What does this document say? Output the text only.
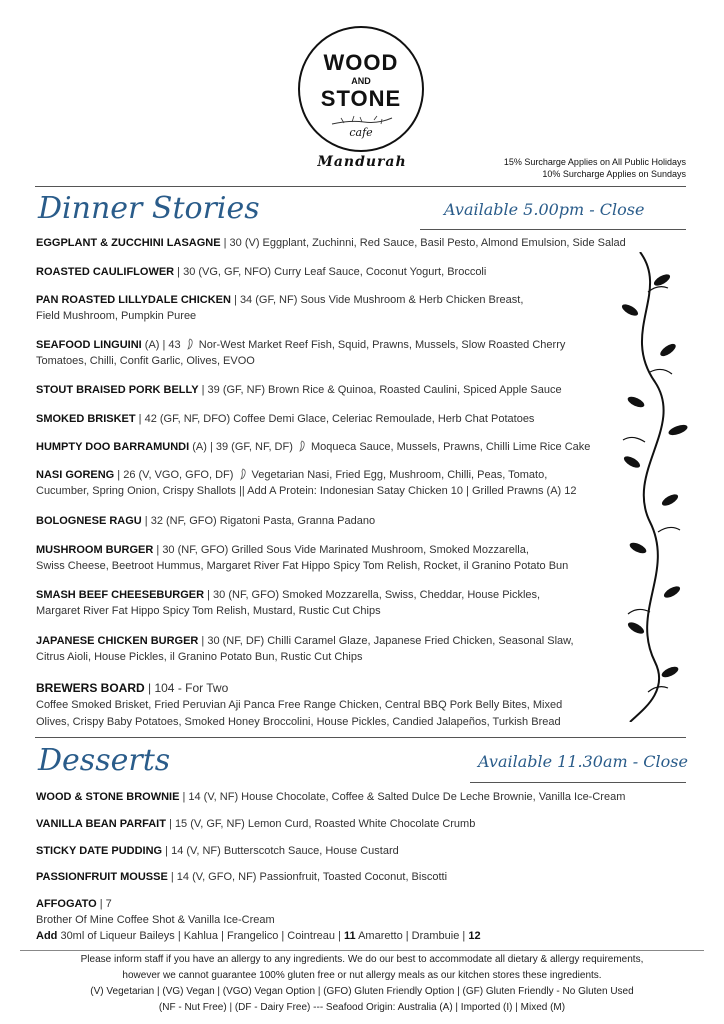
WOOD
AND
STONE
cafe
Mandurah	15% Surcharge Applies on All Public Holidays
10% Surcharge Applies on Sundays
Dinner Stories	Available 5.00pm - Close
EGGPLANT & ZUCCHINI LASAGNE | 30 (V) Eggplant, Zuchinni, Red Sauce, Basil Pesto, Almond Emulsion, Side Salad
ROASTED CAULIFLOWER | 30 (VG, GF, NFO) Curry Leaf Sauce, Coconut Yogurt, Broccoli
PAN ROASTED LILLYDALE CHICKEN | 34 (GF, NF) Sous Vide Mushroom & Herb Chicken Breast,
Field Mushroom, Pumpkin Puree
SEAFOOD LINGUINI (A) | 43  Nor-West Market Reef Fish, Squid, Prawns, Mussels, Slow Roasted Cherry
Tomatoes, Chilli, Confit Garlic, Olives, EVOO
STOUT BRAISED PORK BELLY | 39 (GF, NF) Brown Rice & Quinoa, Roasted Caulini, Spiced Apple Sauce
SMOKED BRISKET | 42 (GF, NF, DFO) Coffee Demi Glace, Celeriac Remoulade, Herb Chat Potatoes
HUMPTY DOO BARRAMUNDI (A) | 39 (GF, NF, DF)  Moqueca Sauce, Mussels, Prawns, Chilli Lime Rice Cake
NASI GORENG | 26 (V, VGO, GFO, DF)  Vegetarian Nasi, Fried Egg, Mushroom, Chilli, Peas, Tomato,
Cucumber, Spring Onion, Crispy Shallots || Add A Protein: Indonesian Satay Chicken 10 | Grilled Prawns (A) 12
BOLOGNESE RAGU | 32 (NF, GFO) Rigatoni Pasta, Granna Padano
MUSHROOM BURGER | 30 (NF, GFO) Grilled Sous Vide Marinated Mushroom, Smoked Mozzarella,
Swiss Cheese, Beetroot Hummus, Margaret River Fat Hippo Spicy Tom Relish, Rocket, il Granino Potato Bun
SMASH BEEF CHEESEBURGER | 30 (NF, GFO) Smoked Mozzarella, Swiss, Cheddar, House Pickles,
Margaret River Fat Hippo Spicy Tom Relish, Mustard, Rustic Cut Chips
JAPANESE CHICKEN BURGER | 30 (NF, DF) Chilli Caramel Glaze, Japanese Fried Chicken, Seasonal Slaw,
Citrus Aioli, House Pickles, il Granino Potato Bun, Rustic Cut Chips
BREWERS BOARD | 104 - For Two
Coffee Smoked Brisket, Fried Peruvian Aji Panca Free Range Chicken, Central BBQ Pork Belly Bites, Mixed
Olives, Crispy Baby Potatoes, Smoked Honey Broccolini, House Pickles, Candied Jalapeños, Turkish Bread
Desserts	Available 11.30am - Close
WOOD & STONE BROWNIE | 14 (V, NF) House Chocolate, Coffee & Salted Dulce De Leche Brownie, Vanilla Ice-Cream
VANILLA BEAN PARFAIT | 15 (V, GF, NF) Lemon Curd, Roasted White Chocolate Crumb
STICKY DATE PUDDING | 14 (V, NF) Butterscotch Sauce, House Custard
PASSIONFRUIT MOUSSE | 14 (V, GFO, NF) Passionfruit, Toasted Coconut, Biscotti
AFFOGATO | 7
Brother Of Mine Coffee Shot & Vanilla Ice-Cream
Add 30ml of Liqueur Baileys | Kahlua | Frangelico | Cointreau | 11 Amaretto | Drambuie | 12
Please inform staff if you have an allergy to any ingredients. We do our best to accommodate all dietary & allergy requirements,
however we cannot guarantee 100% gluten free or nut allergy meals as our kitchen stores these ingredients.
(V) Vegetarian | (VG) Vegan | (VGO) Vegan Option | (GFO) Gluten Friendly Option | (GF) Gluten Friendly - No Gluten Used
(NF - Nut Free) | (DF - Dairy Free) --- Seafood Origin: Australia (A) | Imported (I) | Mixed (M)
